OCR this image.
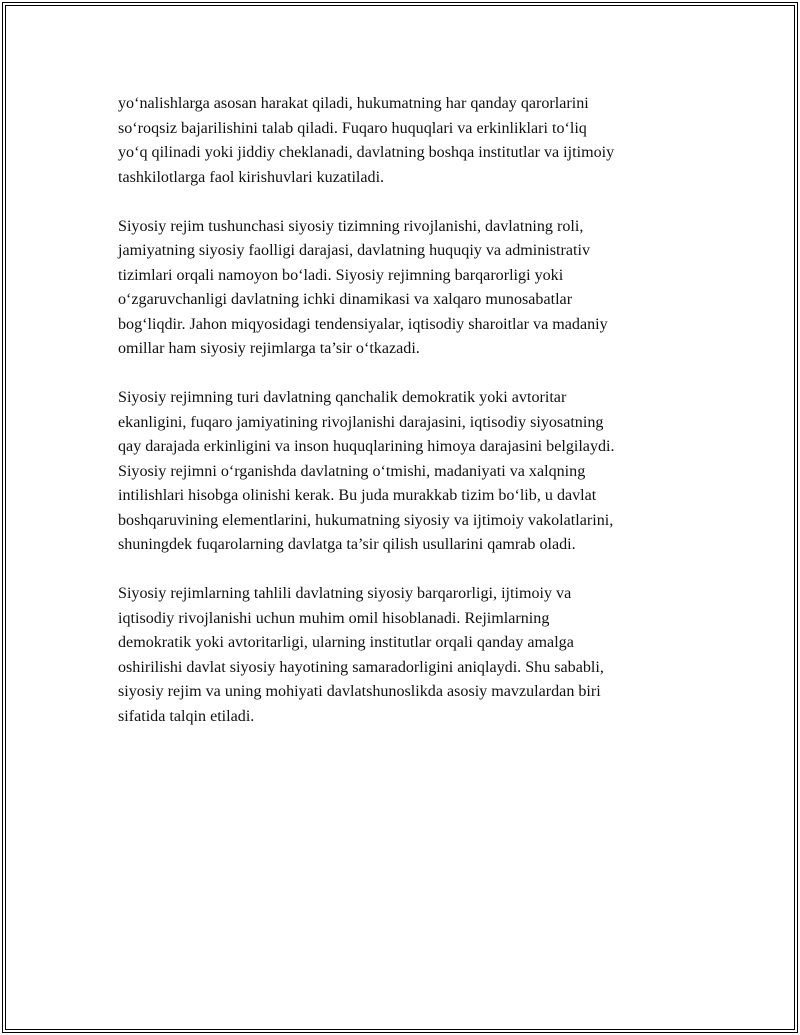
yo‘nalishlarga asosan harakat qiladi, hukumatning har qanday qarorlarini
so‘roqsiz bajarilishini talab qiladi. Fuqaro huquqlari va erkinliklari to‘liq
yo‘q qilinadi yoki jiddiy cheklanadi, davlatning boshqa institutlar va ijtimoiy
tashkilotlarga faol kirishuvlari kuzatiladi.

Siyosiy rejim tushunchasi siyosiy tizimning rivojlanishi, davlatning roli,
jamiyatning siyosiy faolligi darajasi, davlatning huquqiy va administrativ
tizimlari orqali namoyon bo‘ladi. Siyosiy rejimning barqarorligi yoki
o‘zgaruvchanligi davlatning ichki dinamikasi va xalqaro munosabatlar
bog‘liqdir. Jahon miqyosidagi tendensiyalar, iqtisodiy sharoitlar va madaniy
omillar ham siyosiy rejimlarga ta’sir o‘tkazadi.

Siyosiy rejimning turi davlatning qanchalik demokratik yoki avtoritar
ekanligini, fuqaro jamiyatining rivojlanishi darajasini, iqtisodiy siyosatning
qay darajada erkinligini va inson huquqlarining himoya darajasini belgilaydi.
Siyosiy rejimni o‘rganishda davlatning o‘tmishi, madaniyati va xalqning
intilishlari hisobga olinishi kerak. Bu juda murakkab tizim bo‘lib, u davlat
boshqaruvining elementlarini, hukumatning siyosiy va ijtimoiy vakolatlarini,
shuningdek fuqarolarning davlatga ta’sir qilish usullarini qamrab oladi.

Siyosiy rejimlarning tahlili davlatning siyosiy barqarorligi, ijtimoiy va
iqtisodiy rivojlanishi uchun muhim omil hisoblanadi. Rejimlarning
demokratik yoki avtoritarligi, ularning institutlar orqali qanday amalga
oshirilishi davlat siyosiy hayotining samaradorligini aniqlaydi. Shu sababli,
siyosiy rejim va uning mohiyati davlatshunoslikda asosiy mavzulardan biri
sifatida talqin etiladi.
